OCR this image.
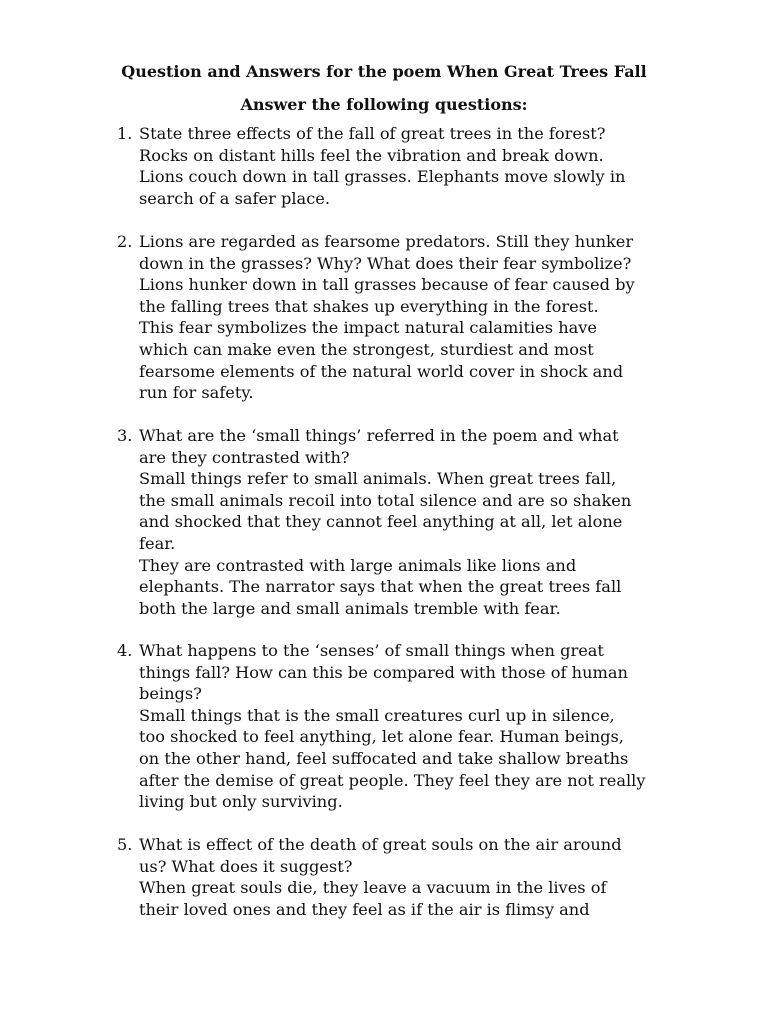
Question and Answers for the poem When Great Trees Fall
Answer the following questions:
1. State three effects of the fall of great trees in the forest?
Rocks on distant hills feel the vibration and break down.
Lions couch down in tall grasses. Elephants move slowly in
search of a safer place.
2. Lions are regarded as fearsome predators. Still they hunker
down in the grasses? Why? What does their fear symbolize?
Lions hunker down in tall grasses because of fear caused by
the falling trees that shakes up everything in the forest.
This fear symbolizes the impact natural calamities have
which can make even the strongest, sturdiest and most
fearsome elements of the natural world cover in shock and
run for safety.
3. What are the ‘small things’ referred in the poem and what
are they contrasted with?
Small things refer to small animals. When great trees fall,
the small animals recoil into total silence and are so shaken
and shocked that they cannot feel anything at all, let alone
fear.
They are contrasted with large animals like lions and
elephants. The narrator says that when the great trees fall
both the large and small animals tremble with fear.
4. What happens to the ‘senses’ of small things when great
things fall? How can this be compared with those of human
beings?
Small things that is the small creatures curl up in silence,
too shocked to feel anything, let alone fear. Human beings,
on the other hand, feel suffocated and take shallow breaths
after the demise of great people. They feel they are not really
living but only surviving.
5. What is effect of the death of great souls on the air around
us? What does it suggest?
When great souls die, they leave a vacuum in the lives of
their loved ones and they feel as if the air is flimsy and
